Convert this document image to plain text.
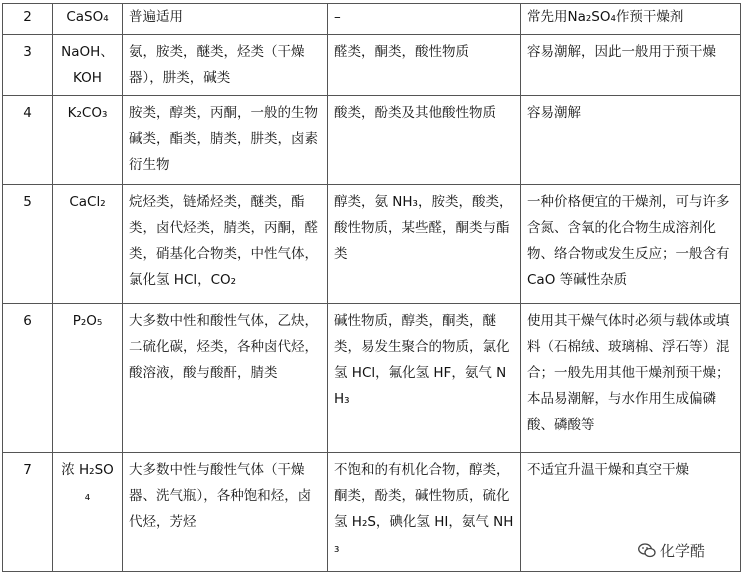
2	CaSO₄	普遍适用	–	常先用Na₂SO₄作预干燥剂
3	NaOH、KOH	氨，胺类，醚类，烃类（干燥器），肼类，碱类	醛类，酮类，酸性物质	容易潮解，因此一般用于预干燥
4	K₂CO₃	胺类，醇类，丙酮，一般的生物碱类，酯类，腈类，肼类，卤素衍生物	酸类，酚类及其他酸性物质	容易潮解
5	CaCl₂	烷烃类，链烯烃类，醚类，酯类，卤代烃类，腈类，丙酮，醛类，硝基化合物类，中性气体，氯化氢 HCl，CO₂	醇类，氨 NH₃，胺类，酸类，酸性物质，某些醛，酮类与酯类	一种价格便宜的干燥剂，可与许多含氮、含氧的化合物生成溶剂化物、络合物或发生反应；一般含有 CaO 等碱性杂质
6	P₂O₅	大多数中性和酸性气体，乙炔，二硫化碳，烃类，各种卤代烃，酸溶液，酸与酸酐，腈类	碱性物质，醇类，酮类，醚类，易发生聚合的物质，氯化氢 HCl，氟化氢 HF，氨气 NH₃	使用其干燥气体时必须与载体或填料（石棉绒、玻璃棉、浮石等）混合；一般先用其他干燥剂预干燥；本品易潮解，与水作用生成偏磷酸、磷酸等
7	浓 H₂SO₄	大多数中性与酸性气体（干燥器、洗气瓶），各种饱和烃，卤代烃，芳烃	不饱和的有机化合物，醇类，酮类，酚类，碱性物质，硫化氢 H₂S，碘化氢 HI，氨气 NH₃	不适宜升温干燥和真空干燥
化学酷
